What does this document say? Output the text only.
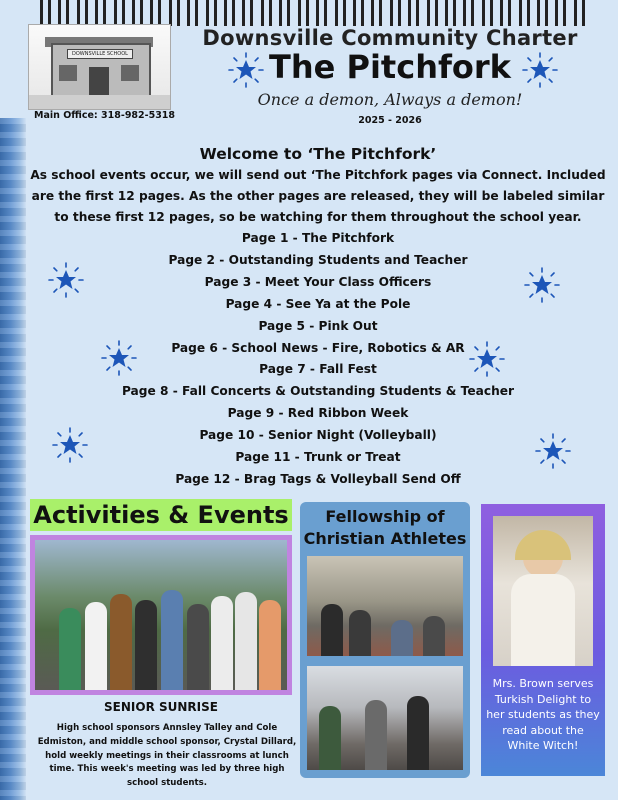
DOWNSVILLE SCHOOL
Main Office: 318-982-5318
Downsville Community Charter
The Pitchfork
Once a demon, Always a demon!
2025 - 2026
Welcome to ‘The Pitchfork’
As school events occur, we will send out ‘The Pitchfork pages via Connect. Included are the first 12 pages. As the other pages are released, they will be labeled similar to these first 12 pages, so be watching for them throughout the school year.
Page 1 - The Pitchfork
Page 2 - Outstanding Students and Teacher
Page 3 - Meet Your Class Officers
Page 4 - See Ya at the Pole
Page 5 - Pink Out
Page 6 - School News - Fire, Robotics & AR
Page 7 - Fall Fest
Page 8 - Fall Concerts & Outstanding Students & Teacher
Page 9 - Red Ribbon Week
Page 10 - Senior Night (Volleyball)
Page 11 - Trunk or Treat
Page 12 - Brag Tags & Volleyball Send Off
Activities & Events
SENIOR SUNRISE
High school sponsors Annsley Talley and Cole Edmiston, and middle school sponsor, Crystal Dillard, hold weekly meetings in their classrooms at lunch time. This week's meeting was led by three high school students.
Fellowship of
Christian Athletes
Mrs. Brown serves Turkish Delight to her students as they read about the White Witch!
